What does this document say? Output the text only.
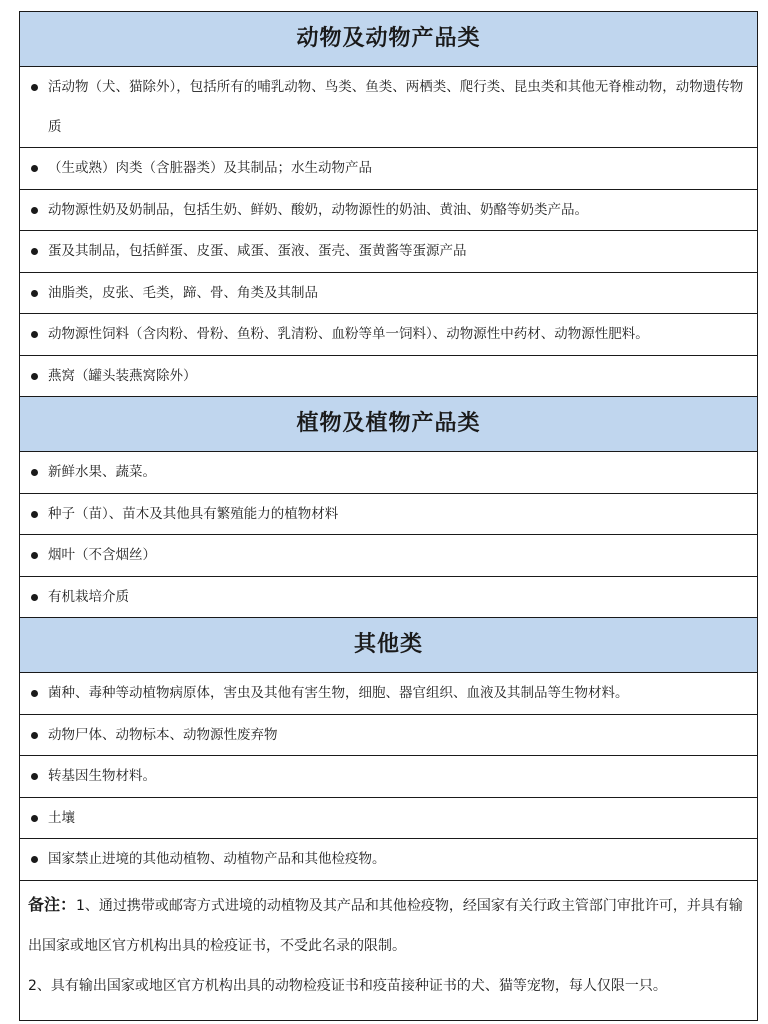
动物及动物产品类
活动物（犬、猫除外），包括所有的哺乳动物、鸟类、鱼类、两栖类、爬行类、昆虫类和其他无脊椎动物，动物遗传物质
（生或熟）肉类（含脏器类）及其制品；水生动物产品
动物源性奶及奶制品，包括生奶、鲜奶、酸奶，动物源性的奶油、黄油、奶酪等奶类产品。
蛋及其制品，包括鲜蛋、皮蛋、咸蛋、蛋液、蛋壳、蛋黄酱等蛋源产品
油脂类，皮张、毛类，蹄、骨、角类及其制品
动物源性饲料（含肉粉、骨粉、鱼粉、乳清粉、血粉等单一饲料）、动物源性中药材、动物源性肥料。
燕窝（罐头装燕窝除外）
植物及植物产品类
新鲜水果、蔬菜。
种子（苗）、苗木及其他具有繁殖能力的植物材料
烟叶（不含烟丝）
有机栽培介质
其他类
菌种、毒种等动植物病原体，害虫及其他有害生物，细胞、器官组织、血液及其制品等生物材料。
动物尸体、动物标本、动物源性废弃物
转基因生物材料。
土壤
国家禁止进境的其他动植物、动植物产品和其他检疫物。
备注：1、通过携带或邮寄方式进境的动植物及其产品和其他检疫物，经国家有关行政主管部门审批许可，并具有输出国家或地区官方机构出具的检疫证书，不受此名录的限制。
2、具有输出国家或地区官方机构出具的动物检疫证书和疫苗接种证书的犬、猫等宠物，每人仅限一只。
